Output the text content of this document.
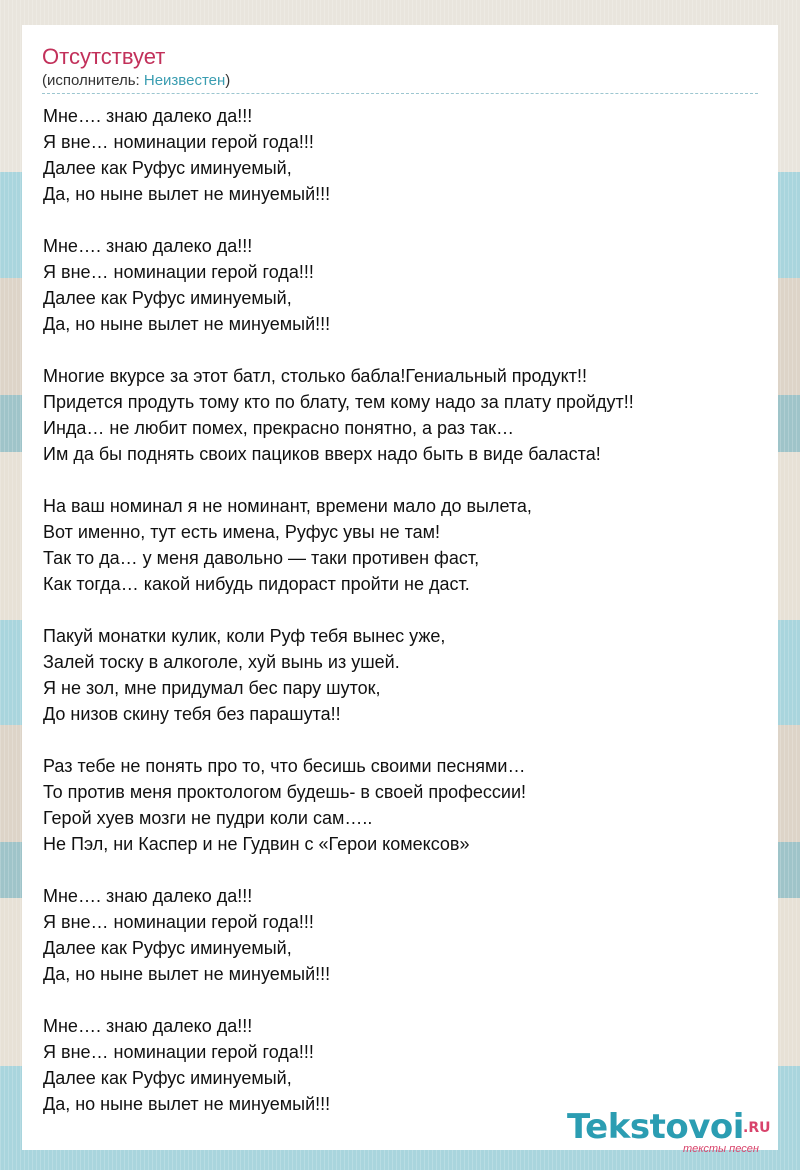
Отсутствует
(исполнитель: Неизвестен)
Мне…. знаю далеко да!!!
Я вне… номинации герой года!!!
Далее как Руфус иминуемый,
Да, но ныне вылет не минуемый!!!
Мне…. знаю далеко да!!!
Я вне… номинации герой года!!!
Далее как Руфус иминуемый,
Да, но ныне вылет не минуемый!!!
Многие вкурсе за этот батл, столько бабла!Гениальный продукт!!
Придется продуть тому кто по блату, тем кому надо за плату пройдут!!
Инда… не любит помех, прекрасно понятно, а раз так…
Им да бы поднять своих пациков вверх надо быть в виде баласта!
На ваш номинал я не номинант, времени мало до вылета,
Вот именно, тут есть имена, Руфус увы не там!
Так то да… у меня давольно — таки противен фаст,
Как тогда… какой нибудь пидораст пройти не даст.
Пакуй монатки кулик, коли Руф тебя вынес уже,
Залей тоску в алкоголе, хуй вынь из ушей.
Я не зол, мне придумал бес пару шуток,
До низов скину тебя без парашута!!
Раз тебе не понять про то, что бесишь своими песнями…
То против меня проктологом будешь- в своей профессии!
Герой хуев мозги не пудри коли сам…..
Не Пэл, ни Каспер и не Гудвин с «Герои комексов»
Мне…. знаю далеко да!!!
Я вне… номинации герой года!!!
Далее как Руфус иминуемый,
Да, но ныне вылет не минуемый!!!
Мне…. знаю далеко да!!!
Я вне… номинации герой года!!!
Далее как Руфус иминуемый,
Да, но ныне вылет не минуемый!!!
Tekstovoi .RU
тексты песен
